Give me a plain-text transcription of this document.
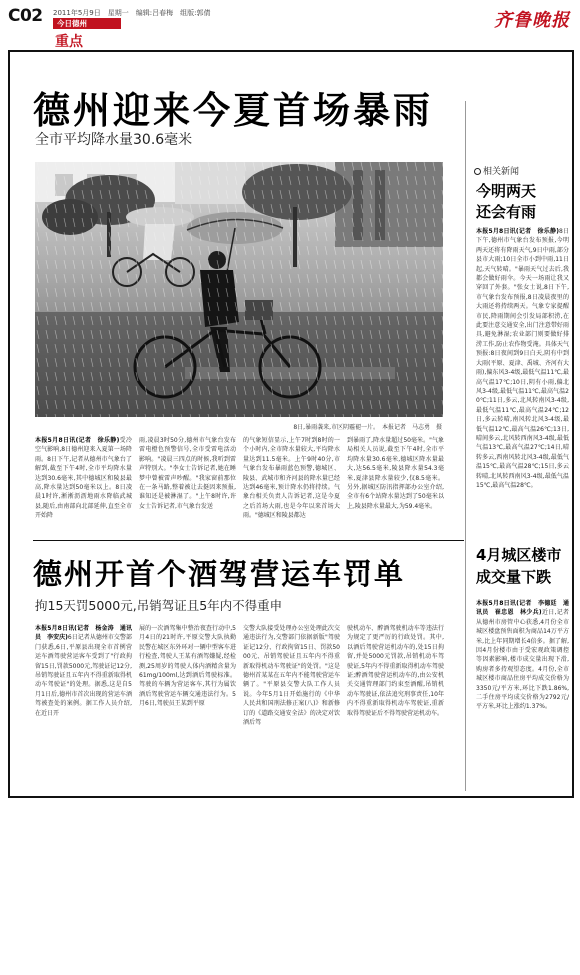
C02 2011年5月9日　星期一　编辑:吕春梅　组版:郭倩
今日德州
重点
齐鲁晚报
德州迎来今夏首场暴雨
全市平均降水量30.6毫米
8日,暴雨袭来,市区阴霾褪一片。　本报记者　马志勇　摄
本报5月8日讯(记者　徐乐静)受冷空气影响,8日德州迎来入夏第一场降雨。8日下午,记者从德州市气象台了解到,截至下午4时,全市平均降水量达到30.6毫米,其中德城区和陵县最高,降水量达到50毫米以上。8日凌晨1时许,淅淅沥沥地雨水降临武城县,随后,由南部向北部延伸,直至全市开始降
雨,凌晨3时50分,德州市气象台发布雷电橙色预警信号,全市受雷电活动影响。"凌晨三四点的时候,我听到雷声特别大。"李女士告诉记者,她在睡梦中曾被雷声吵醒。"我家窗前那位在一条马路,整着被让去挺因来预报,谁知还是被淋湿了。"上午8时许,许女士告诉记者,市气象台发送
的气象短信显示,上午7时到8时的一个小时内,全市降水量较大,平均降水量达到11.5毫米。上午9时40分,市气象台发布暴雨蓝色预警,德城区、陵县、武城市和齐河县的降水量已经达到46毫米,预计降水仍将持续。气象台相关负责人告诉记者,这是今夏之后首场大雨,也是今年以来首场大雨。"德城区和陵县都达
到暴雨了,降水量超过50毫米。"气象局相关人员说,截至下午4时,全市平均降水量30.6毫米,德城区降水量最大,达56.5毫米,陵县降水量54.3毫米,夏津县降水量较少,仅8.5毫米。另外,据城区防汛指挥部办公室介绍,全市有6个站降水量达到了50毫米以上,陵县降水量最大,为59.4毫米。
德州开首个酒驾营运车罚单
拘15天罚5000元,吊销驾证且5年内不得重申
本报5月8日讯(记者　杨金涛　通讯员　李安庆)6日记者从德州市交警部门获悉,6日,平原县出现全市首例营运车酒驾驶营运客车受到了"行政拘留15日,罚款5000元,驾驶证记12分,吊销驾驶证且五年内不得重新取得机动车驾驶证"的处理。据悉,这是自5月1日后,德州市首次出现的营运车酒驾被查处的案例。据工作人员介绍,在近日开
展的一次酒驾集中整治夜查行动中,5月4日的21时许,平原交警大队执勤民警在城区东外环对一辆中型客车进行检查,驾驶人王某有酒驾嫌疑,经检测,25周岁的驾驶人体内酒精含量为61mg/100ml,达到酒后驾驶标准。驾驶的车辆为营运客车,其行为属饮酒后驾驶营运车辆交通违法行为。5月6日,驾驶员王某到平原
交警大队接受处理办公室处理此次交通违法行为,交警部门依据新版"驾驶证记12分、行政拘留15日、罚款5000元、吊销驾驶证且五年内不得重新取得机动车驾驶证"的处罚。"这是德州首某某在五年内不能驾驶营运车辆了。"平原县交警大队工作人员说。今年5月1日开始施行的《中华人民共和国刑法修正案(八)》和新修订的《道路交通安全法》的决定对饮酒后驾
驶机动车、醉酒驾驶机动车等违法行为规定了更严厉的行政处罚。其中,以酒后驾驶营运机动车的,处15日拘留,并处5000元罚款,吊销机动车驾驶证,5年内不得重新取得机动车驾驶证;醉酒驾驶营运机动车的,由公安机关交通管理部门约束至酒醒,吊销机动车驾驶证,依法追究刑事责任,10年内不得重新取得机动车驾驶证,重新取得驾驶证后不得驾驶营运机动车。
相关新闻
今明两天
还会有雨
本报5月8日讯(记者　徐乐静)8日下午,德州市气象台发布预报,今明两天还将有降雨天气,9日中雨,部分县市大雨;10日全市小到中雨,11日起,天气转晴。"暴雨天气过去后,我都会做好雨伞。今天一场雨让我又穿回了外套。"张女士说,8日下午,市气象台发布预报,8日凌晨夜里的大雨还将持续两天。气象专家提醒市民,降雨期间会引发局部积涝,在此要注意交通安全,出门注意带好雨具,避免淋湿;农业部门则要做好排涝工作,防止农作物受淹。具体天气预报:8日夜间到9日白天,阴有中到大雨(平原、夏津、禹城、齐河有大雨),偏东风3-4级,最低气温11℃,最高气温17℃;10日,阴有小雨,偏北风3-4级,最低气温11℃,最高气温20℃;11日,多云,北风转南风3-4级,最低气温11℃,最高气温24℃;12日,多云转晴,南风转北风3-4级,最低气温12℃,最高气温26℃;13日,晴间多云,北风转西南风3-4级,最低气温13℃,最高气温27℃;14日,晴转多云,西南风转北风3-4级,最低气温15℃,最高气温28℃;15日,多云转晴,北风转西南风3-4级,最低气温15℃,最高气温28℃。
4月城区楼市
成交量下跌
本报5月8日讯(记者　李德廷　通讯员　崔忠恩　林少兵)近日,记者从德州市房管中心获悉,4月份全市城区楼盘预售面积为商品14万平方米,比上年同期增长4倍多。据了解,因4月份楼市由于受宏观政策调控等因素影响,楼市成交量出现下滑,购房者多持观望态度。4月份,全市城区楼市商品住房平均成交价格为3350元/平方米,环比下跌1.86%,二手住房平均成交价格为2792元/平方米,环比上涨约1.37%。
